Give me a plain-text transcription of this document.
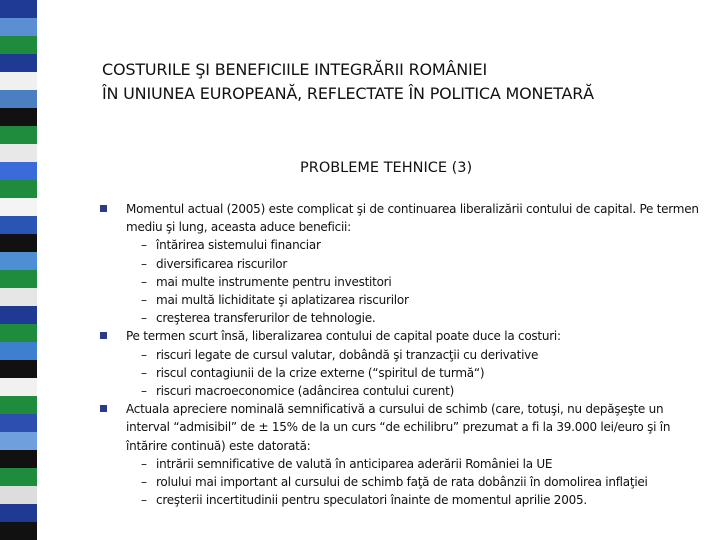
COSTURILE ŞI BENEFICIILE INTEGRĂRII ROMÂNIEI
ÎN UNIUNEA EUROPEANĂ, REFLECTATE ÎN POLITICA MONETARĂ
PROBLEME TEHNICE (3)
Momentul actual (2005) este complicat şi de continuarea liberalizării contului de capital. Pe termen mediu şi lung, aceasta aduce beneficii:
– întărirea sistemului financiar
– diversificarea riscurilor
– mai multe instrumente pentru investitori
– mai multă lichiditate şi aplatizarea riscurilor
– creşterea transferurilor de tehnologie.
Pe termen scurt însă, liberalizarea contului de capital poate duce la costuri:
– riscuri legate de cursul valutar, dobândă şi tranzacţii cu derivative
– riscul contagiunii de la crize externe (“spiritul de turmă“)
– riscuri macroeconomice (adâncirea contului curent)
Actuala apreciere nominală semnificativă a cursului de schimb (care, totuşi, nu depăşeşte un interval “admisibil” de ± 15% de la un curs “de echilibru” prezumat a fi la 39.000 lei/euro şi în întărire continuă) este datorată:
– intrării semnificative de valută în anticiparea aderării României la UE
– rolului mai important al cursului de schimb faţă de rata dobânzii în domolirea inflaţiei
– creşterii incertitudinii pentru speculatori înainte de momentul aprilie 2005.
